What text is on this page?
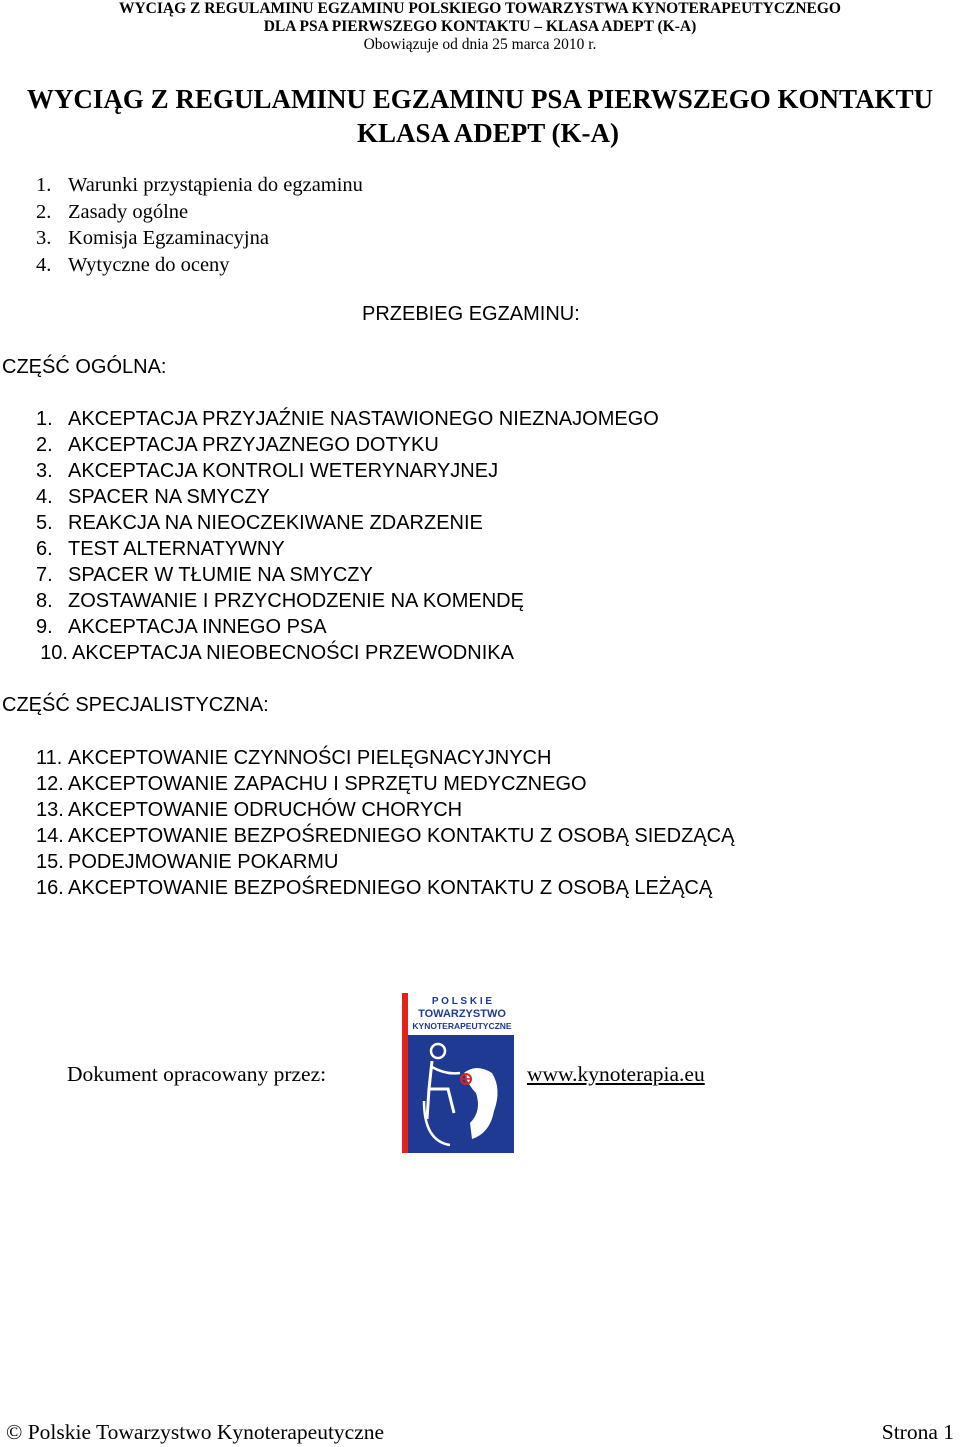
WYCIĄG Z REGULAMINU EGZAMINU POLSKIEGO TOWARZYSTWA KYNOTERAPEUTYCZNEGO
DLA PSA PIERWSZEGO KONTAKTU – KLASA ADEPT (K-A)
Obowiązuje od dnia 25 marca 2010 r.
WYCIĄG Z REGULAMINU EGZAMINU PSA PIERWSZEGO KONTAKTU
KLASA ADEPT (K-A)
1. Warunki przystąpienia do egzaminu
2. Zasady ogólne
3. Komisja Egzaminacyjna
4. Wytyczne do oceny
PRZEBIEG EGZAMINU:
CZĘŚĆ OGÓLNA:
1. AKCEPTACJA PRZYJAŹNIE NASTAWIONEGO NIEZNAJOMEGO
2. AKCEPTACJA PRZYJAZNEGO DOTYKU
3. AKCEPTACJA KONTROLI WETERYNARYJNEJ
4. SPACER NA SMYCZY
5. REAKCJA NA NIEOCZEKIWANE ZDARZENIE
6. TEST ALTERNATYWNY
7. SPACER W TŁUMIE NA SMYCZY
8. ZOSTAWANIE I PRZYCHODZENIE NA KOMENDĘ
9. AKCEPTACJA INNEGO PSA
10. AKCEPTACJA NIEOBECNOŚCI PRZEWODNIKA
CZĘŚĆ SPECJALISTYCZNA:
11. AKCEPTOWANIE CZYNNOŚCI PIELĘGNACYJNYCH
12. AKCEPTOWANIE ZAPACHU I SPRZĘTU MEDYCZNEGO
13. AKCEPTOWANIE ODRUCHÓW CHORYCH
14. AKCEPTOWANIE BEZPOŚREDNIEGO KONTAKTU Z OSOBĄ SIEDZĄCĄ
15. PODEJMOWANIE POKARMU
16. AKCEPTOWANIE BEZPOŚREDNIEGO KONTAKTU Z OSOBĄ LEŻĄCĄ
Dokument opracowany przez:
P O L S K I E
TOWARZYSTWO
KYNOTERAPEUTYCZNE
www.kynoterapia.eu
© Polskie Towarzystwo Kynoterapeutyczne	Strona 1
